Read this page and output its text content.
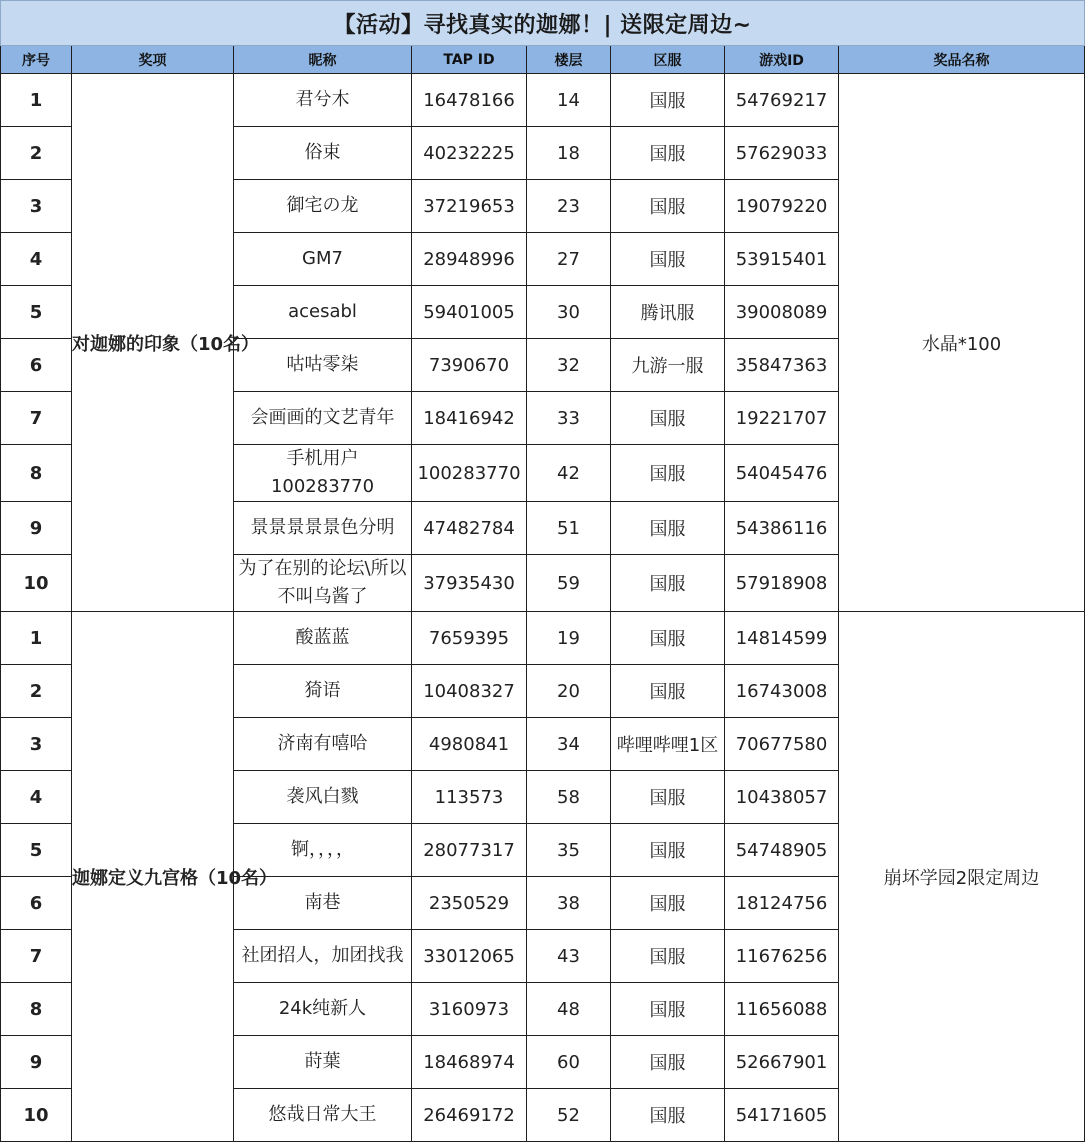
【活动】寻找真实的迦娜！| 送限定周边~							
序号	奖项	昵称	TAP ID	楼层	区服	游戏ID	奖品名称
1	对迦娜的印象（10名）	君兮木	16478166	14	国服	54769217	水晶*100
2		俗束	40232225	18	国服	57629033	
3		御宅の龙	37219653	23	国服	19079220	
4		GM7	28948996	27	国服	53915401	
5		acesabl	59401005	30	腾讯服	39008089	
6		咕咕零柒	7390670	32	九游一服	35847363	
7		会画画的文艺青年	18416942	33	国服	19221707	
8		手机用户100283770	100283770	42	国服	54045476	
9		景景景景景色分明	47482784	51	国服	54386116	
10		为了在别的论坛\所以不叫乌酱了	37935430	59	国服	57918908	
1	迦娜定义九宫格（10名）	酸蓝蓝	7659395	19	国服	14814599	崩坏学园2限定周边
2		猗语	10408327	20	国服	16743008	
3		济南有嘻哈	4980841	34	哔哩哔哩1区	70677580	
4		袭风白戮	113573	58	国服	10438057	
5		锕，，，，	28077317	35	国服	54748905	
6		南巷	2350529	38	国服	18124756	
7		社团招人，加团找我	33012065	43	国服	11676256	
8		24k纯新人	3160973	48	国服	11656088	
9		莳葉	18468974	60	国服	52667901	
10		悠哉日常大王	26469172	52	国服	54171605	
